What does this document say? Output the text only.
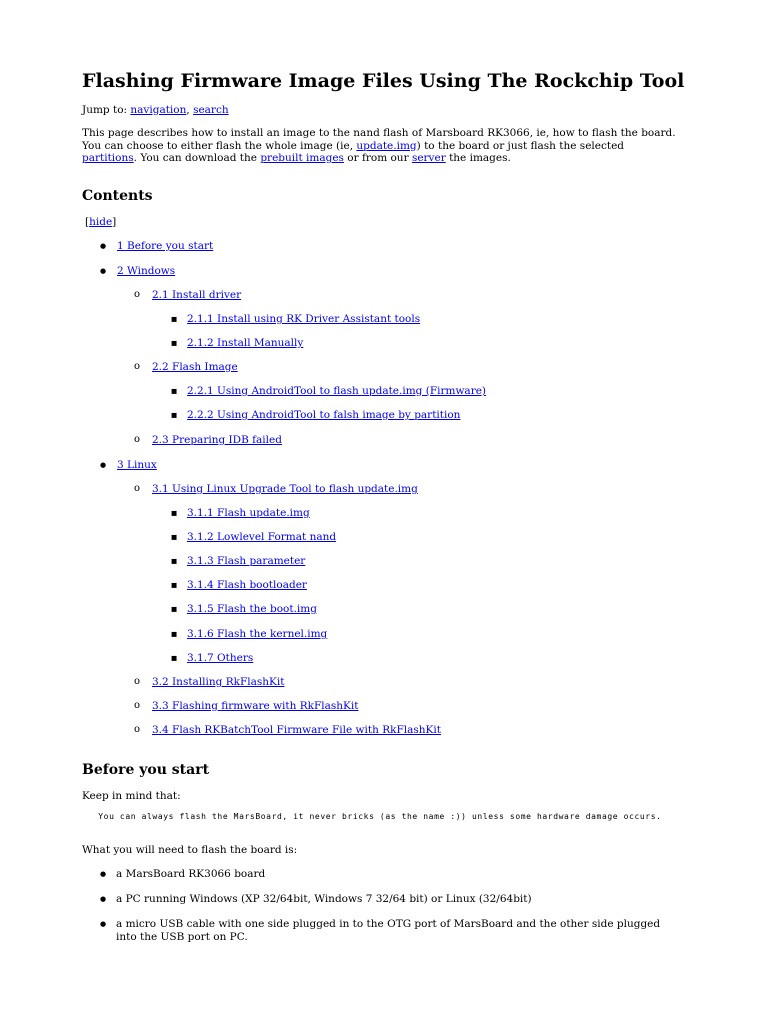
Flashing Firmware Image Files Using The Rockchip Tool
Jump to: navigation, search
This page describes how to install an image to the nand flash of Marsboard RK3066, ie, how to flash the board. You can choose to either flash the whole image (ie, update.img) to the board or just flash the selected partitions. You can download the prebuilt images or from our server the images.
Contents
[hide]
●
1 Before you start
●
2 Windows
o
2.1 Install driver
■
2.1.1 Install using RK Driver Assistant tools
■
2.1.2 Install Manually
o
2.2 Flash Image
■
2.2.1 Using AndroidTool to flash update.img (Firmware)
■
2.2.2 Using AndroidTool to falsh image by partition
o
2.3 Preparing IDB failed
●
3 Linux
o
3.1 Using Linux Upgrade Tool to flash update.img
■
3.1.1 Flash update.img
■
3.1.2 Lowlevel Format nand
■
3.1.3 Flash parameter
■
3.1.4 Flash bootloader
■
3.1.5 Flash the boot.img
■
3.1.6 Flash the kernel.img
■
3.1.7 Others
o
3.2 Installing RkFlashKit
o
3.3 Flashing firmware with RkFlashKit
o
3.4 Flash RKBatchTool Firmware File with RkFlashKit
Before you start
Keep in mind that:
You can always flash the MarsBoard, it never bricks (as the name :)) unless some hardware damage occurs.
What you will need to flash the board is:
●
a MarsBoard RK3066 board
●
a PC running Windows (XP 32/64bit, Windows 7 32/64 bit) or Linux (32/64bit)
●
a micro USB cable with one side plugged in to the OTG port of MarsBoard and the other side plugged into the USB port on PC.
